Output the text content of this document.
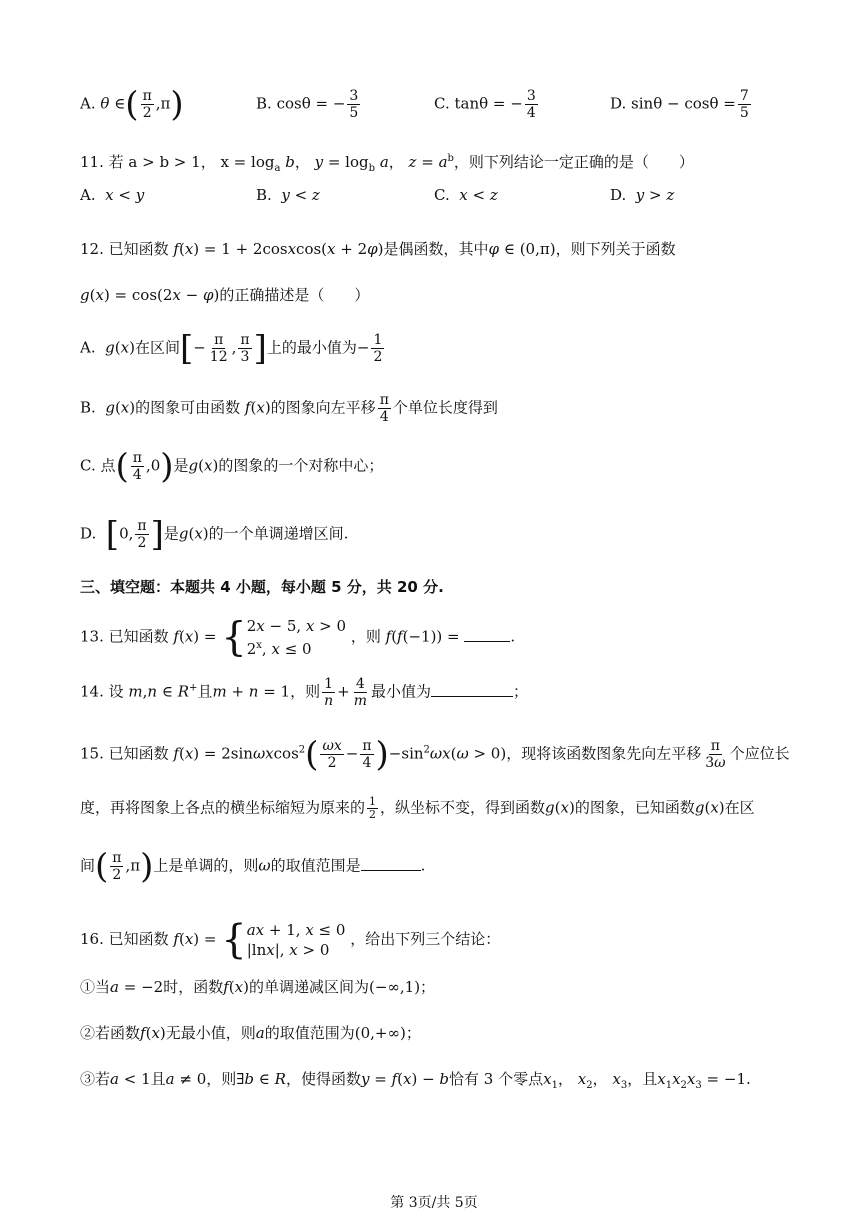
A. θ ∈( $\frac{\pi}{2} ,\pi$)	B. cosθ = − $\frac{3}{5}$	C. tanθ = − $\frac{3}{4}$	D. $\sin\theta - \cos\theta = \frac{7}{5}$
11. 若 a > b > 1， $x = \log_a b$， $y = \log_b a$， $z = a^b$，则下列结论一定正确的是（　　）
A.  x < y	B.  y < z	C.  x < z	D.  y > z
12. 已知函数 f(x) = 1 + 2cosxcos(x + 2φ)是偶函数，其中φ ∈ (0,π)，则下列关于函数
g(x) = cos(2x − φ)的正确描述是（　　）
A.  g(x)在区间[− $\frac{\pi}{12}$ , $\frac{\pi}{3}$ ]上的最小值为− $\frac{1}{2}$
B.  g(x)的图象可由函数 f(x)的图象向左平移 $\frac{\pi}{4}$ 个单位长度得到
C. 点( $\frac{\pi}{4} ,0$)是g(x)的图象的一个对称中心；
D.  [0, $\frac{\pi}{2}$ ]是g(x)的一个单调递增区间.
三、填空题：本题共 4 小题，每小题 5 分，共 20 分.
13. 已知函数 f(x) = { 2x − 5, x > 0
2$^x$, x ≤ 0
，则 f(f(−1)) =	.
14. 设 m,n ∈ R+且m + n = 1，则 $\frac{1}{n} + \frac{4}{m}$ 最小值为	；
15. 已知函数 $f(x) = 2\sin\omega xcos^2( \frac{\omega x}{2} - \frac{\pi}{4} )-\sin^2\omega x(\omega > 0)$，现将该函数图象先向左平移 $\frac{\pi}{3\omega}$ 个应位长
度，再将图象上各点的横坐标缩短为原来的 $\frac{1}{2}$ ，纵坐标不变，得到函数g(x)的图象，已知函数g(x)在区
间( $\frac{\pi}{2} ,\pi$)上是单调的，则ω的取值范围是	.
16. 已知函数 f(x) = { ax + 1, x ≤ 0
|lnx|, x > 0
，给出下列三个结论：
①当a = −2时，函数f(x)的单调递减区间为(−∞,1)；
②若函数f(x)无最小值，则a的取值范围为(0,+∞)；
③若a < 1且a ≠ 0，则∃b ∈ R，使得函数y = f(x) − b恰有 3 个零点$x_1$， $x_2$， $x_3$，且$x_1x_2x_3 = -1$.
第 3页/共 5页
